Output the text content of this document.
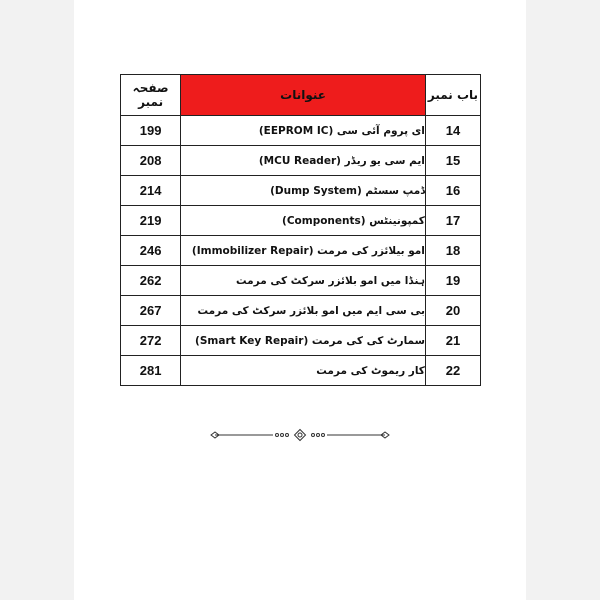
صفحہ نمبر	عنوانات	باب نمبر
199	ای پروم آئی سی (EEPROM IC)	14
208	ایم سی یو ریڈر (MCU Reader)	15
214	ڈمپ سسٹم (Dump System)	16
219	کمپونینٹس (Components)	17
246	امو بیلائزر کی مرمت (Immobilizer Repair)	18
262	ہنڈا میں امو بلائزر سرکٹ کی مرمت	19
267	بی سی ایم میں امو بلائزر سرکٹ کی مرمت	20
272	سمارٹ کی کی مرمت (Smart Key Repair)	21
281	کار ریموٹ کی مرمت	22
